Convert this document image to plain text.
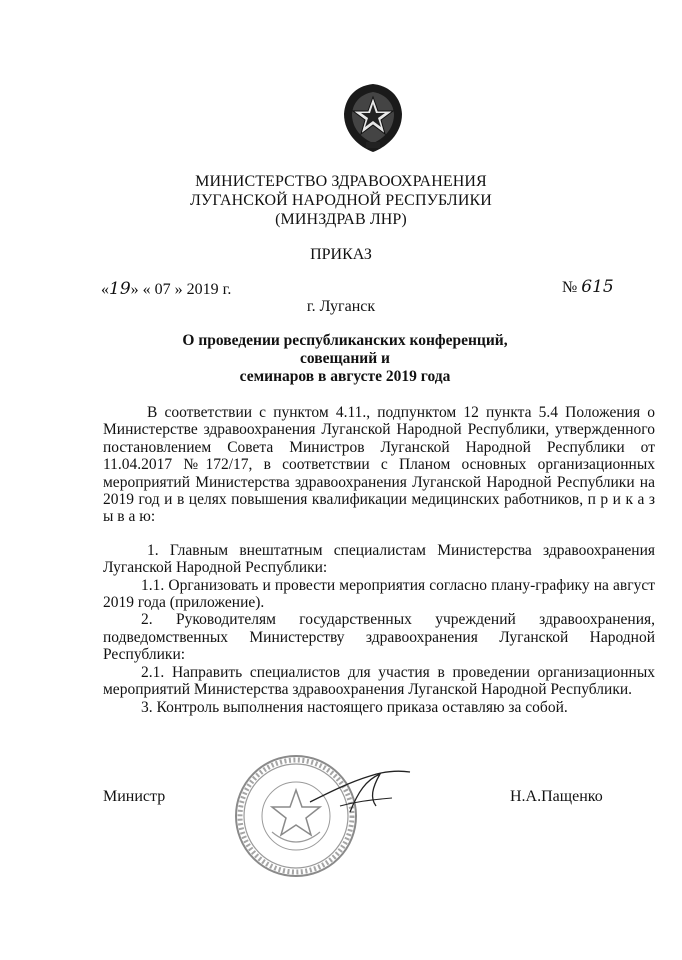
МИНИСТЕРСТВО ЗДРАВООХРАНЕНИЯ
ЛУГАНСКОЙ НАРОДНОЙ РЕСПУБЛИКИ
(МИНЗДРАВ ЛНР)
ПРИКАЗ
«19» « 07 » 2019 г.	№ 615
г. Луганск
О проведении республиканских конференций, совещаний и
семинаров в августе 2019 года

В соответствии с пунктом 4.11., подпунктом 12 пункта 5.4 Положения о Министерстве здравоохранения Луганской Народной Республики, утвержденного постановлением Совета Министров Луганской Народной Республики от 11.04.2017 №172/17, в соответствии с Планом основных организационных мероприятий Министерства здравоохранения Луганской Народной Республики на 2019 год и в целях повышения квалификации медицинских работников, п р и к а з ы в а ю:

1. Главным внештатным специалистам Министерства здравоохранения Луганской Народной Республики:

1.1. Организовать и провести мероприятия согласно плану-графику на август 2019 года (приложение).

2. Руководителям государственных учреждений здравоохранения, подведомственных Министерству здравоохранения Луганской Народной Республики:

2.1. Направить специалистов для участия в проведении организационных мероприятий Министерства здравоохранения Луганской Народной Республики.

3. Контроль выполнения настоящего приказа оставляю за собой.

Министр	Н.А.Пащенко
